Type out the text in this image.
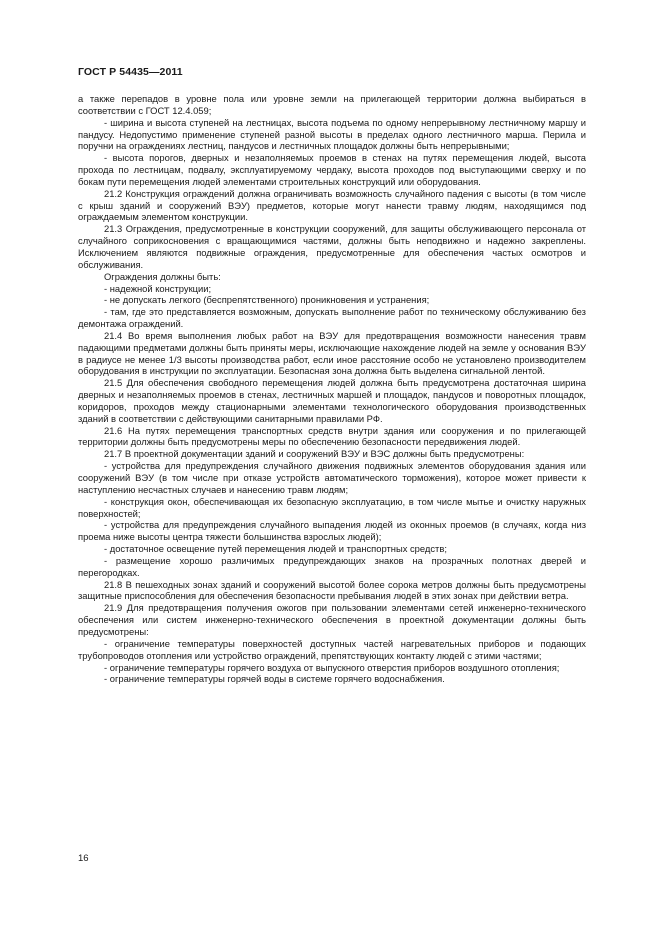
ГОСТ Р 54435—2011

а также перепадов в уровне пола или уровне земли на прилегающей территории должна выбираться в соответствии с ГОСТ 12.4.059;

- ширина и высота ступеней на лестницах, высота подъема по одному непрерывному лестничному маршу и пандусу. Недопустимо применение ступеней разной высоты в пределах одного лестничного марша. Перила и поручни на ограждениях лестниц, пандусов и лестничных площадок должны быть непрерывными;

- высота порогов, дверных и незаполняемых проемов в стенах на путях перемещения людей, высота прохода по лестницам, подвалу, эксплуатируемому чердаку, высота проходов под выступающими сверху и по бокам пути перемещения людей элементами строительных конструкций или оборудования.

21.2 Конструкция ограждений должна ограничивать возможность случайного падения с высоты (в том числе с крыш зданий и сооружений ВЭУ) предметов, которые могут нанести травму людям, находящимся под ограждаемым элементом конструкции.

21.3 Ограждения, предусмотренные в конструкции сооружений, для защиты обслуживающего персонала от случайного соприкосновения с вращающимися частями, должны быть неподвижно и надежно закреплены. Исключением являются подвижные ограждения, предусмотренные для обеспечения частых осмотров и обслуживания.

Ограждения должны быть:

- надежной конструкции;

- не допускать легкого (беспрепятственного) проникновения и устранения;

- там, где это представляется возможным, допускать выполнение работ по техническому обслуживанию без демонтажа ограждений.

21.4 Во время выполнения любых работ на ВЭУ для предотвращения возможности нанесения травм падающими предметами должны быть приняты меры, исключающие нахождение людей на земле у основания ВЭУ в радиусе не менее 1/3 высоты производства работ, если иное расстояние особо не установлено производителем оборудования в инструкции по эксплуатации. Безопасная зона должна быть выделена сигнальной лентой.

21.5 Для обеспечения свободного перемещения людей должна быть предусмотрена достаточная ширина дверных и незаполняемых проемов в стенах, лестничных маршей и площадок, пандусов и поворотных площадок, коридоров, проходов между стационарными элементами технологического оборудования производственных зданий в соответствии с действующими санитарными правилами РФ.

21.6 На путях перемещения транспортных средств внутри здания или сооружения и по прилегающей территории должны быть предусмотрены меры по обеспечению безопасности передвижения людей.

21.7 В проектной документации зданий и сооружений ВЭУ и ВЭС должны быть предусмотрены:

- устройства для предупреждения случайного движения подвижных элементов оборудования здания или сооружений ВЭУ (в том числе при отказе устройств автоматического торможения), которое может привести к наступлению несчастных случаев и нанесению травм людям;

- конструкция окон, обеспечивающая их безопасную эксплуатацию, в том числе мытье и очистку наружных поверхностей;

- устройства для предупреждения случайного выпадения людей из оконных проемов (в случаях, когда низ проема ниже высоты центра тяжести большинства взрослых людей);

- достаточное освещение путей перемещения людей и транспортных средств;

- размещение хорошо различимых предупреждающих знаков на прозрачных полотнах дверей и перегородках.

21.8 В пешеходных зонах зданий и сооружений высотой более сорока метров должны быть предусмотрены защитные приспособления для обеспечения безопасности пребывания людей в этих зонах при действии ветра.

21.9 Для предотвращения получения ожогов при пользовании элементами сетей инженерно-технического обеспечения или систем инженерно-технического обеспечения в проектной документации должны быть предусмотрены:

- ограничение температуры поверхностей доступных частей нагревательных приборов и подающих трубопроводов отопления или устройство ограждений, препятствующих контакту людей с этими частями;

- ограничение температуры горячего воздуха от выпускного отверстия приборов воздушного отопления;

- ограничение температуры горячей воды в системе горячего водоснабжения.

16
